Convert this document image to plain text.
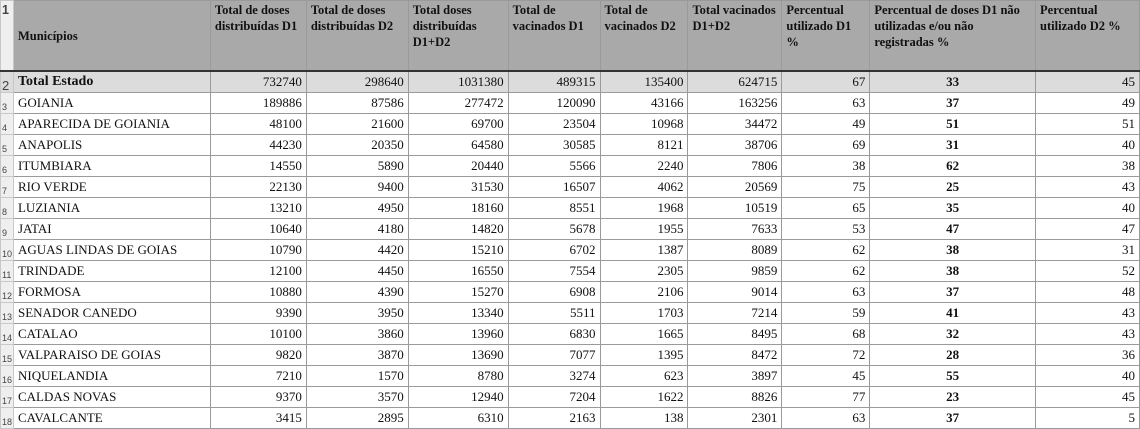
1	Municípios	Total de doses distribuídas D1	Total de doses distribuídas D2	Total doses distribuídas D1+D2	Total de vacinados D1	Total de vacinados D2	Total vacinados D1+D2	Percentual utilizado D1 %	Percentual de doses D1 não utilizadas e/ou não registradas %	Percentual utilizado D2 %
2	Total Estado	732740	298640	1031380	489315	135400	624715	67	33	45
3	GOIANIA	189886	87586	277472	120090	43166	163256	63	37	49
4	APARECIDA DE GOIANIA	48100	21600	69700	23504	10968	34472	49	51	51
5	ANAPOLIS	44230	20350	64580	30585	8121	38706	69	31	40
6	ITUMBIARA	14550	5890	20440	5566	2240	7806	38	62	38
7	RIO VERDE	22130	9400	31530	16507	4062	20569	75	25	43
8	LUZIANIA	13210	4950	18160	8551	1968	10519	65	35	40
9	JATAI	10640	4180	14820	5678	1955	7633	53	47	47
10	AGUAS LINDAS DE GOIAS	10790	4420	15210	6702	1387	8089	62	38	31
11	TRINDADE	12100	4450	16550	7554	2305	9859	62	38	52
12	FORMOSA	10880	4390	15270	6908	2106	9014	63	37	48
13	SENADOR CANEDO	9390	3950	13340	5511	1703	7214	59	41	43
14	CATALAO	10100	3860	13960	6830	1665	8495	68	32	43
15	VALPARAISO DE GOIAS	9820	3870	13690	7077	1395	8472	72	28	36
16	NIQUELANDIA	7210	1570	8780	3274	623	3897	45	55	40
17	CALDAS NOVAS	9370	3570	12940	7204	1622	8826	77	23	45
18	CAVALCANTE	3415	2895	6310	2163	138	2301	63	37	5
